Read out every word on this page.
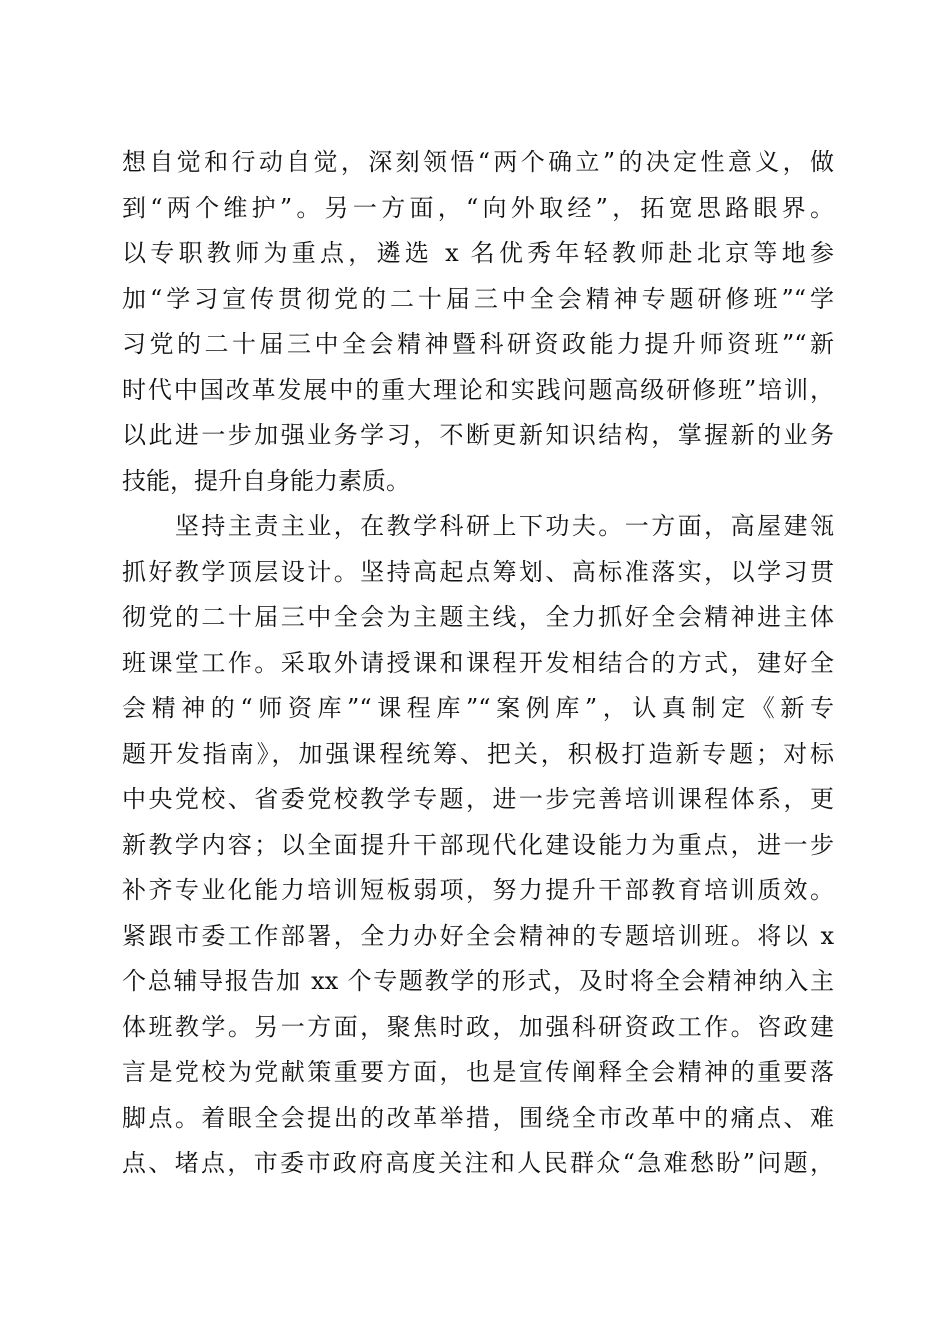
想自觉和行动自觉，深刻领悟“两个确立”的决定性意义，做
到“两个维护”。另一方面，“向外取经”，拓宽思路眼界。
以专职教师为重点，遴选 x 名优秀年轻教师赴北京等地参
加“学习宣传贯彻党的二十届三中全会精神专题研修班”“学
习党的二十届三中全会精神暨科研资政能力提升师资班”“新
时代中国改革发展中的重大理论和实践问题高级研修班”培训，
以此进一步加强业务学习，不断更新知识结构，掌握新的业务
技能，提升自身能力素质。
　　坚持主责主业，在教学科研上下功夫。一方面，高屋建瓴
抓好教学顶层设计。坚持高起点筹划、高标准落实，以学习贯
彻党的二十届三中全会为主题主线，全力抓好全会精神进主体
班课堂工作。采取外请授课和课程开发相结合的方式，建好全
会精神的“师资库”“课程库”“案例库”，认真制定《新专
题开发指南》，加强课程统筹、把关，积极打造新专题；对标
中央党校、省委党校教学专题，进一步完善培训课程体系，更
新教学内容；以全面提升干部现代化建设能力为重点，进一步
补齐专业化能力培训短板弱项，努力提升干部教育培训质效。
紧跟市委工作部署，全力办好全会精神的专题培训班。将以 x
个总辅导报告加 xx 个专题教学的形式，及时将全会精神纳入主
体班教学。另一方面，聚焦时政，加强科研资政工作。咨政建
言是党校为党献策重要方面，也是宣传阐释全会精神的重要落
脚点。着眼全会提出的改革举措，围绕全市改革中的痛点、难
点、堵点，市委市政府高度关注和人民群众“急难愁盼”问题，
